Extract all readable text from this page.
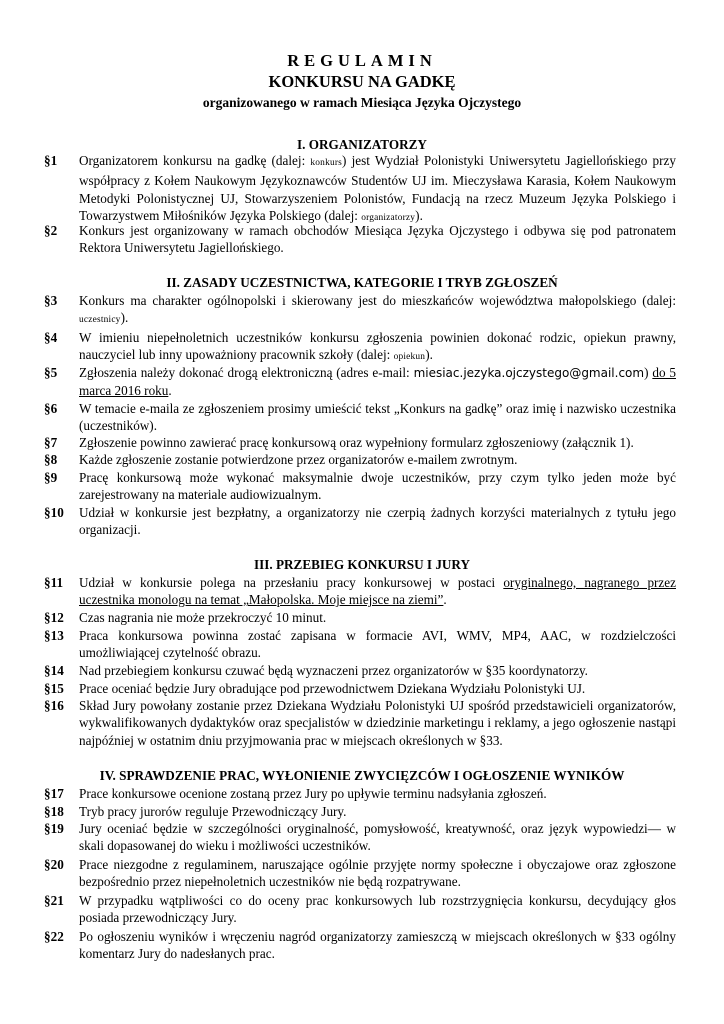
REGULAMIN
KONKURSU NA GADKĘ
organizowanego w ramach Miesiąca Języka Ojczystego
I. ORGANIZATORZY
§1	Organizatorem konkursu na gadkę (dalej: konkurs) jest Wydział Polonistyki Uniwersytetu Jagiellońskiego przy współpracy z Kołem Naukowym Językoznawców Studentów UJ im. Mieczysława Karasia, Kołem Naukowym Metodyki Polonistycznej UJ, Stowarzyszeniem Polonistów, Fundacją na rzecz Muzeum Języka Polskiego i Towarzystwem Miłośników Języka Polskiego (dalej: organizatorzy).
§2	Konkurs jest organizowany w ramach obchodów Miesiąca Języka Ojczystego i odbywa się pod patronatem Rektora Uniwersytetu Jagiellońskiego.
II. ZASADY UCZESTNICTWA, KATEGORIE I TRYB ZGŁOSZEŃ
§3	Konkurs ma charakter ogólnopolski i skierowany jest do mieszkańców województwa małopolskiego (dalej: uczestnicy).
§4	W imieniu niepełnoletnich uczestników konkursu zgłoszenia powinien dokonać rodzic, opiekun prawny, nauczyciel lub inny upoważniony pracownik szkoły (dalej: opiekun).
§5	Zgłoszenia należy dokonać drogą elektroniczną (adres e-mail: miesiac.jezyka.ojczystego@gmail.com) do 5 marca 2016 roku.
§6	W temacie e-maila ze zgłoszeniem prosimy umieścić tekst „Konkurs na gadkę” oraz imię i nazwisko uczestnika (uczestników).
§7	Zgłoszenie powinno zawierać pracę konkursową oraz wypełniony formularz zgłoszeniowy (załącznik 1).
§8	Każde zgłoszenie zostanie potwierdzone przez organizatorów e-mailem zwrotnym.
§9	Pracę konkursową może wykonać maksymalnie dwoje uczestników, przy czym tylko jeden może być zarejestrowany na materiale audiowizualnym.
§10	Udział w konkursie jest bezpłatny, a organizatorzy nie czerpią żadnych korzyści materialnych z tytułu jego organizacji.
III. PRZEBIEG KONKURSU I JURY
§11	Udział w konkursie polega na przesłaniu pracy konkursowej w postaci oryginalnego, nagranego przez uczestnika monologu na temat „Małopolska. Moje miejsce na ziemi”.
§12	Czas nagrania nie może przekroczyć 10 minut.
§13	Praca konkursowa powinna zostać zapisana w formacie AVI, WMV, MP4, AAC, w rozdzielczości umożliwiającej czytelność obrazu.
§14	Nad przebiegiem konkursu czuwać będą wyznaczeni przez organizatorów w §35 koordynatorzy.
§15	Prace oceniać będzie Jury obradujące pod przewodnictwem Dziekana Wydziału Polonistyki UJ.
§16	Skład Jury powołany zostanie przez Dziekana Wydziału Polonistyki UJ spośród przedstawicieli organizatorów, wykwalifikowanych dydaktyków oraz specjalistów w dziedzinie marketingu i reklamy, a jego ogłoszenie nastąpi najpóźniej w ostatnim dniu przyjmowania prac w miejscach określonych w §33.
IV. SPRAWDZENIE PRAC, WYŁONIENIE ZWYCIĘZCÓW I OGŁOSZENIE WYNIKÓW
§17	Prace konkursowe ocenione zostaną przez Jury po upływie terminu nadsyłania zgłoszeń.
§18	Tryb pracy jurorów reguluje Przewodniczący Jury.
§19	Jury oceniać będzie w szczególności oryginalność, pomysłowość, kreatywność, oraz język wypowiedzi— w skali dopasowanej do wieku i możliwości uczestników.
§20	Prace niezgodne z regulaminem, naruszające ogólnie przyjęte normy społeczne i obyczajowe oraz zgłoszone bezpośrednio przez niepełnoletnich uczestników nie będą rozpatrywane.
§21	W przypadku wątpliwości co do oceny prac konkursowych lub rozstrzygnięcia konkursu, decydujący głos posiada przewodniczący Jury.
§22	Po ogłoszeniu wyników i wręczeniu nagród organizatorzy zamieszczą w miejscach określonych w §33 ogólny komentarz Jury do nadesłanych prac.
